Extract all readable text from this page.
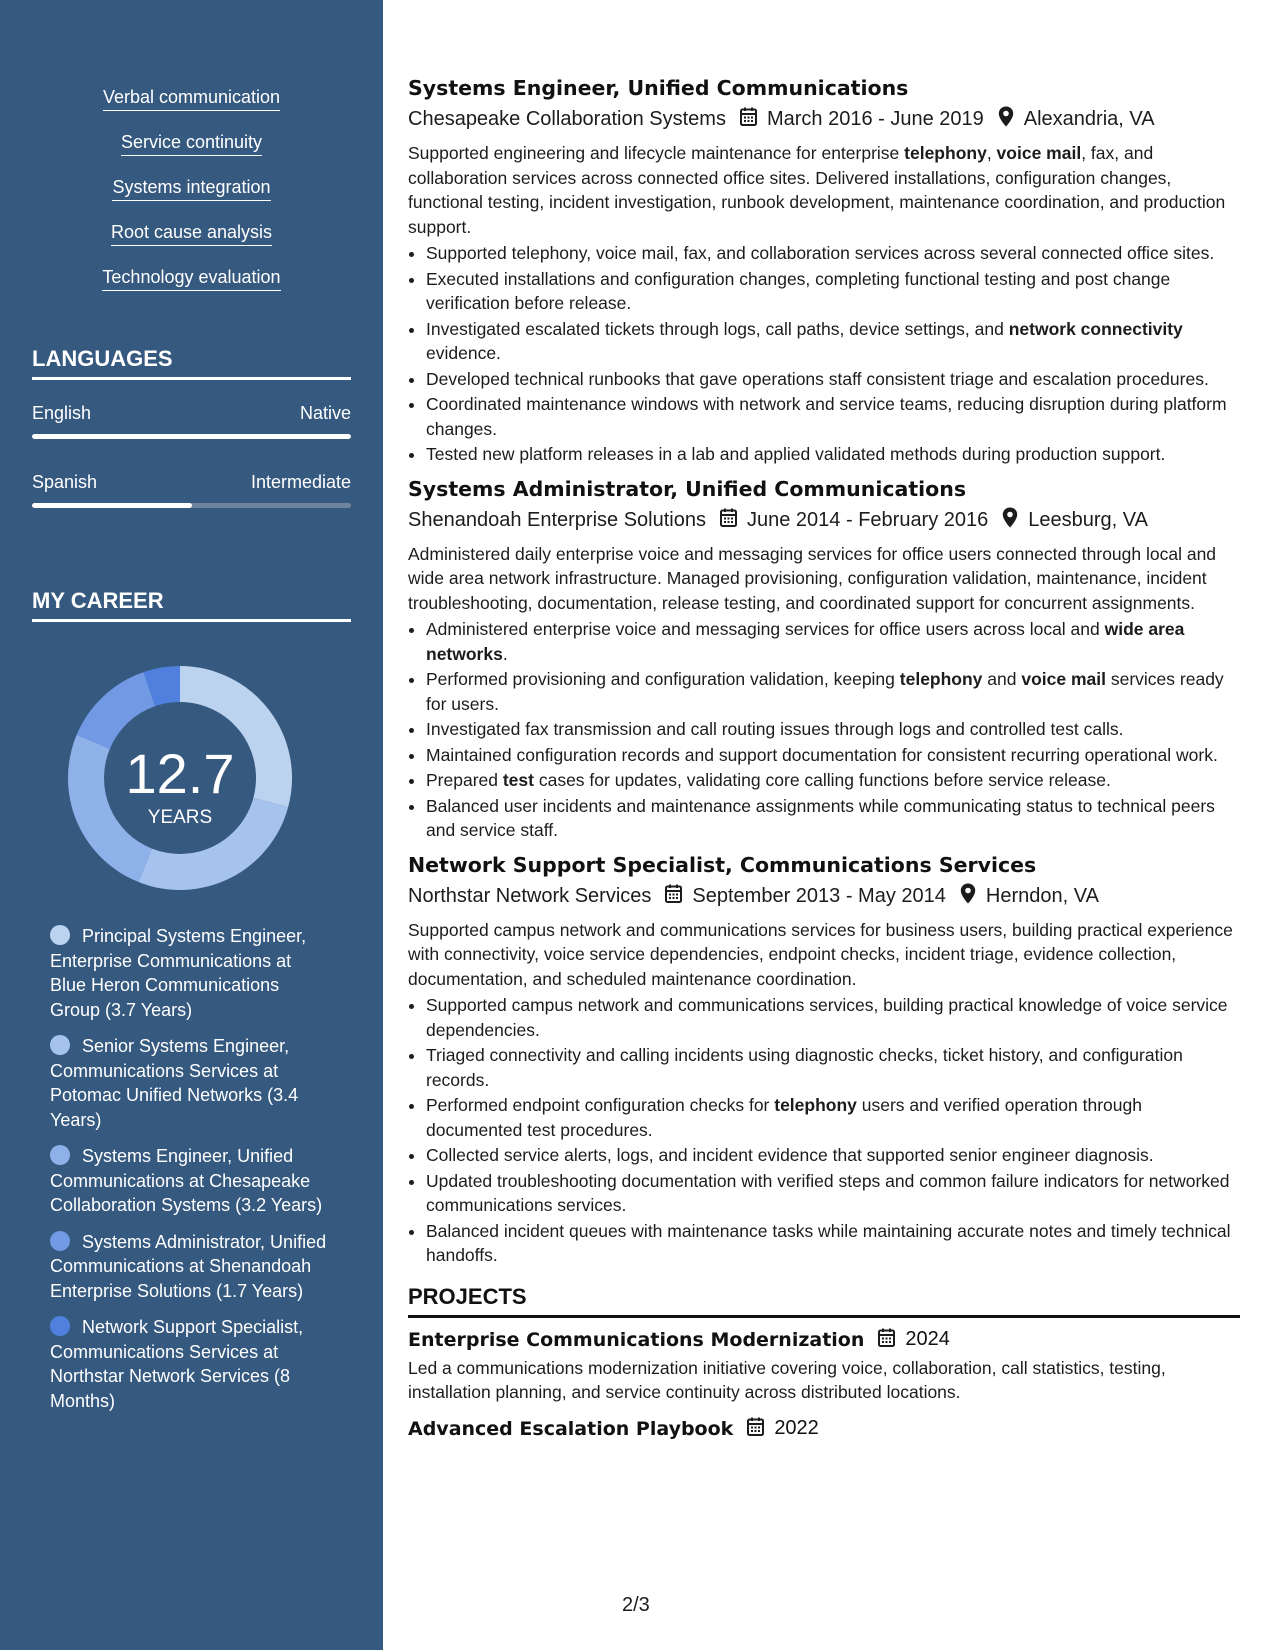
Verbal communication
Service continuity
Systems integration
Root cause analysis
Technology evaluation
LANGUAGES
English	Native
Spanish	Intermediate
MY CAREER
12.7
YEARS
Principal Systems Engineer, Enterprise Communications at Blue Heron Communications Group (3.7 Years)
Senior Systems Engineer, Communications Services at Potomac Unified Networks (3.4 Years)
Systems Engineer, Unified Communications at Chesapeake Collaboration Systems (3.2 Years)
Systems Administrator, Unified Communications at Shenandoah Enterprise Solutions (1.7 Years)
Network Support Specialist, Communications Services at Northstar Network Services (8 Months)
Systems Engineer, Unified Communications
Chesapeake Collaboration Systems March 2016 - June 2019 Alexandria, VA
Supported engineering and lifecycle maintenance for enterprise telephony, voice mail, fax, and collaboration services across connected office sites. Delivered installations, configuration changes, functional testing, incident investigation, runbook development, maintenance coordination, and production support.
• Supported telephony, voice mail, fax, and collaboration services across several connected office sites.
• Executed installations and configuration changes, completing functional testing and post change verification before release.
• Investigated escalated tickets through logs, call paths, device settings, and network connectivity evidence.
• Developed technical runbooks that gave operations staff consistent triage and escalation procedures.
• Coordinated maintenance windows with network and service teams, reducing disruption during platform changes.
• Tested new platform releases in a lab and applied validated methods during production support.
Systems Administrator, Unified Communications
Shenandoah Enterprise Solutions June 2014 - February 2016 Leesburg, VA
Administered daily enterprise voice and messaging services for office users connected through local and wide area network infrastructure. Managed provisioning, configuration validation, maintenance, incident troubleshooting, documentation, release testing, and coordinated support for concurrent assignments.
• Administered enterprise voice and messaging services for office users across local and wide area networks.
• Performed provisioning and configuration validation, keeping telephony and voice mail services ready for users.
• Investigated fax transmission and call routing issues through logs and controlled test calls.
• Maintained configuration records and support documentation for consistent recurring operational work.
• Prepared test cases for updates, validating core calling functions before service release.
• Balanced user incidents and maintenance assignments while communicating status to technical peers and service staff.
Network Support Specialist, Communications Services
Northstar Network Services September 2013 - May 2014 Herndon, VA
Supported campus network and communications services for business users, building practical experience with connectivity, voice service dependencies, endpoint checks, incident triage, evidence collection, documentation, and scheduled maintenance coordination.
• Supported campus network and communications services, building practical knowledge of voice service dependencies.
• Triaged connectivity and calling incidents using diagnostic checks, ticket history, and configuration records.
• Performed endpoint configuration checks for telephony users and verified operation through documented test procedures.
• Collected service alerts, logs, and incident evidence that supported senior engineer diagnosis.
• Updated troubleshooting documentation with verified steps and common failure indicators for networked communications services.
• Balanced incident queues with maintenance tasks while maintaining accurate notes and timely technical handoffs.
PROJECTS
Enterprise Communications Modernization 2024
Led a communications modernization initiative covering voice, collaboration, call statistics, testing, installation planning, and service continuity across distributed locations.
Advanced Escalation Playbook 2022
2/3
